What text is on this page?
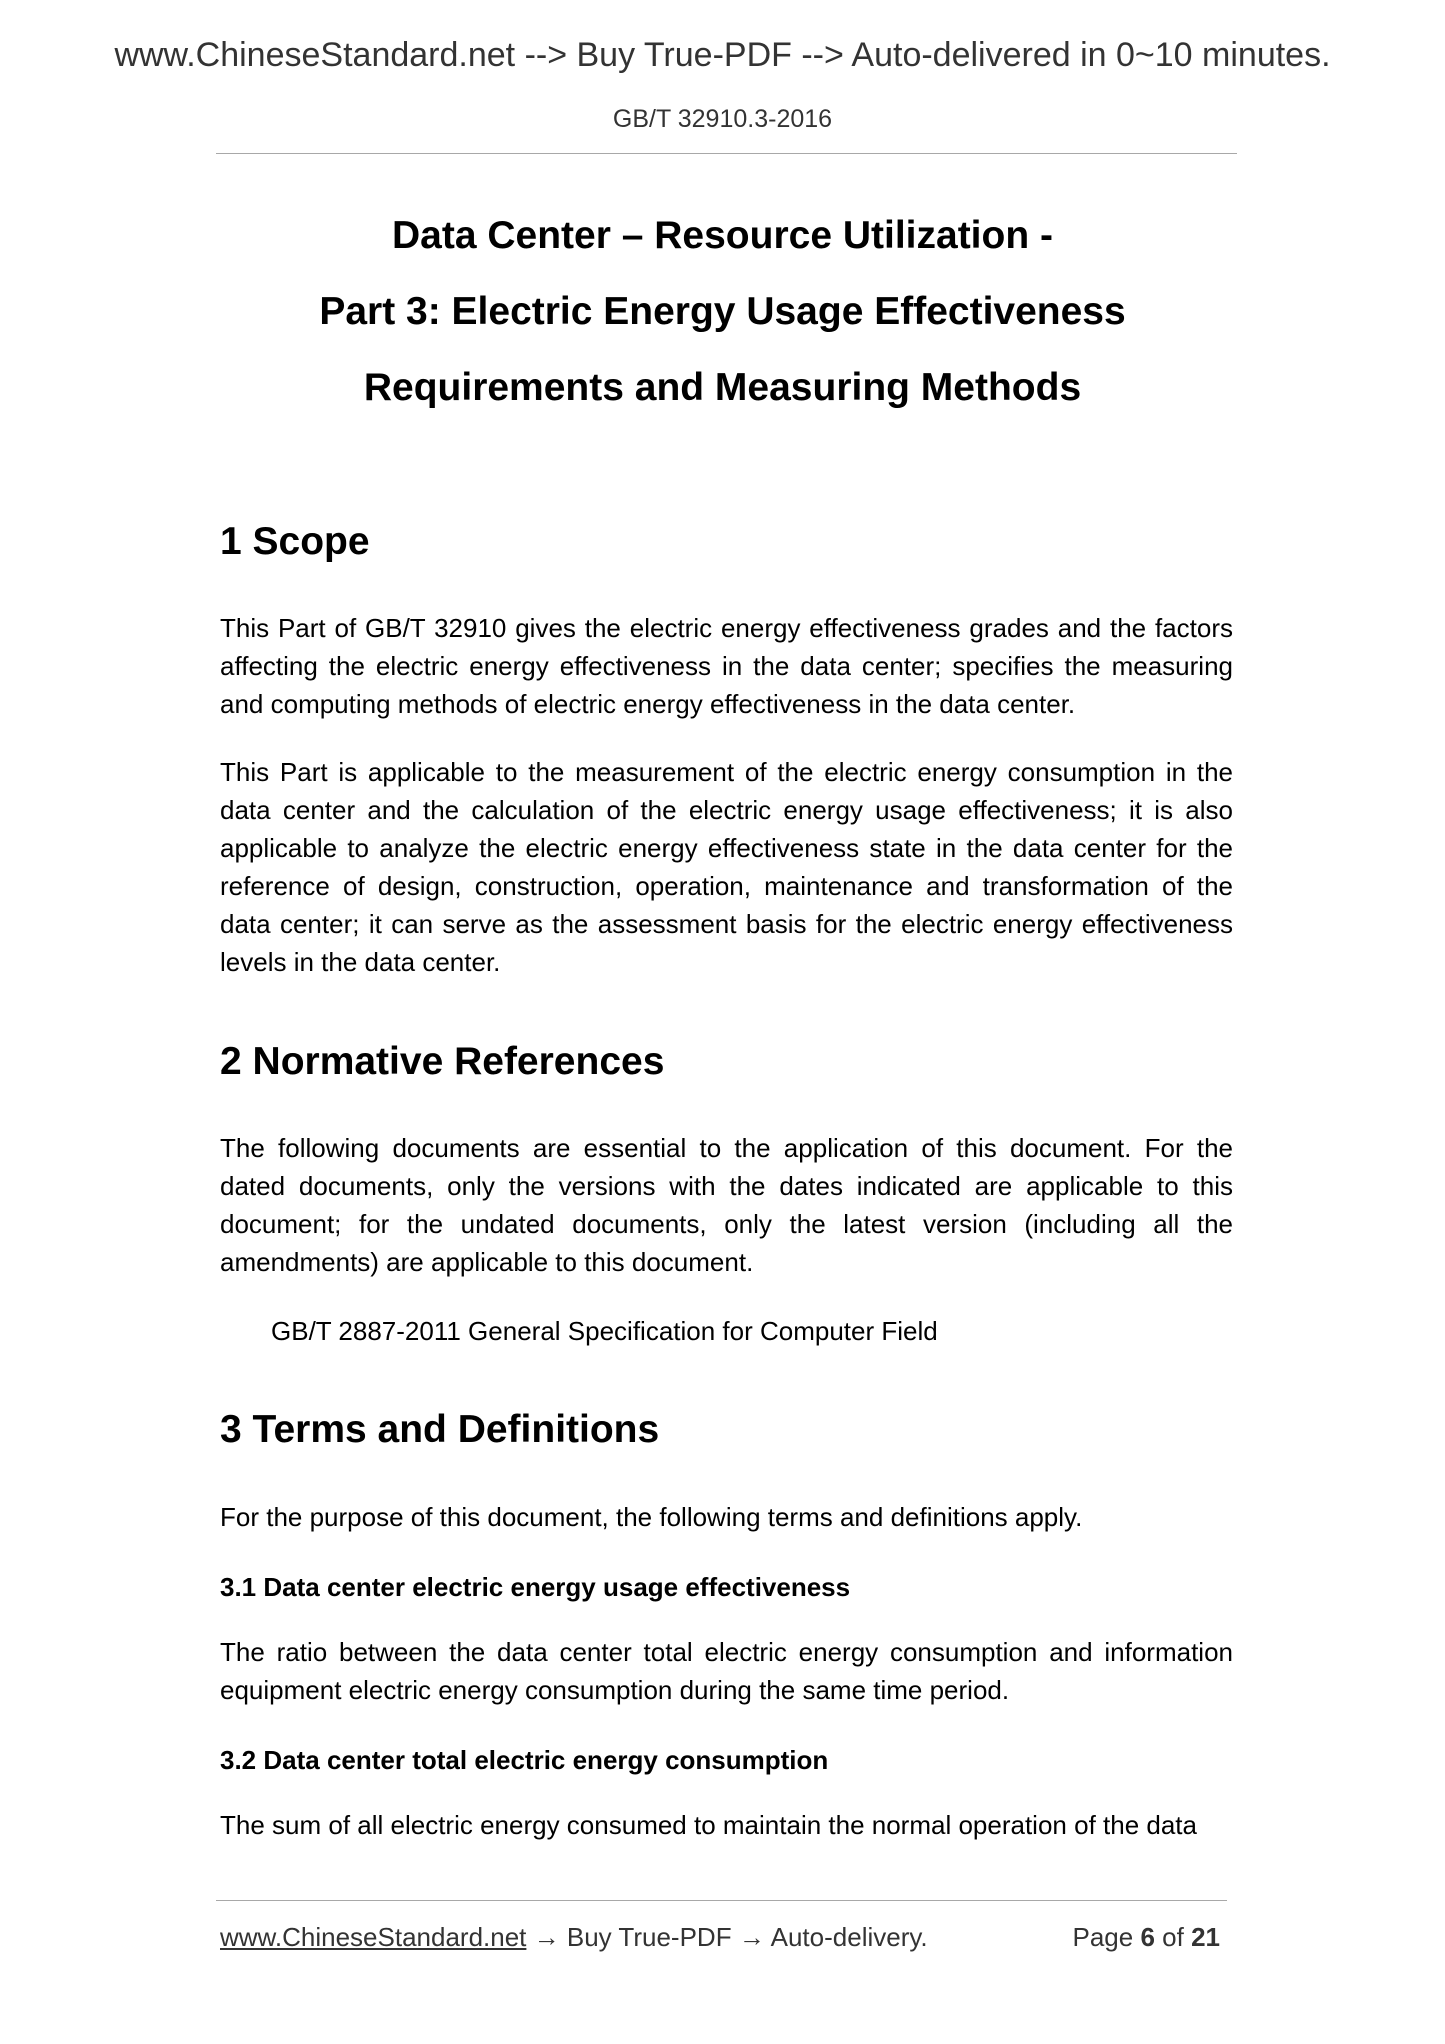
www.ChineseStandard.net --> Buy True-PDF --> Auto-delivered in 0~10 minutes.
GB/T 32910.3-2016
Data Center – Resource Utilization -
Part 3: Electric Energy Usage Effectiveness
Requirements and Measuring Methods
1 Scope

This Part of GB/T 32910 gives the electric energy effectiveness grades and the factors affecting the electric energy effectiveness in the data center; specifies the measuring and computing methods of electric energy effectiveness in the data center.

This Part is applicable to the measurement of the electric energy consumption in the data center and the calculation of the electric energy usage effectiveness; it is also applicable to analyze the electric energy effectiveness state in the data center for the reference of design, construction, operation, maintenance and transformation of the data center; it can serve as the assessment basis for the electric energy effectiveness levels in the data center.

2 Normative References

The following documents are essential to the application of this document. For the dated documents, only the versions with the dates indicated are applicable to this document; for the undated documents, only the latest version (including all the amendments) are applicable to this document.

GB/T 2887-2011 General Specification for Computer Field
3 Terms and Definitions

For the purpose of this document, the following terms and definitions apply.

3.1 Data center electric energy usage effectiveness

The ratio between the data center total electric energy consumption and information equipment electric energy consumption during the same time period.

3.2 Data center total electric energy consumption

The sum of all electric energy consumed to maintain the normal operation of the data

www.ChineseStandard.net → Buy True-PDF → Auto-delivery.	Page 6 of 21
